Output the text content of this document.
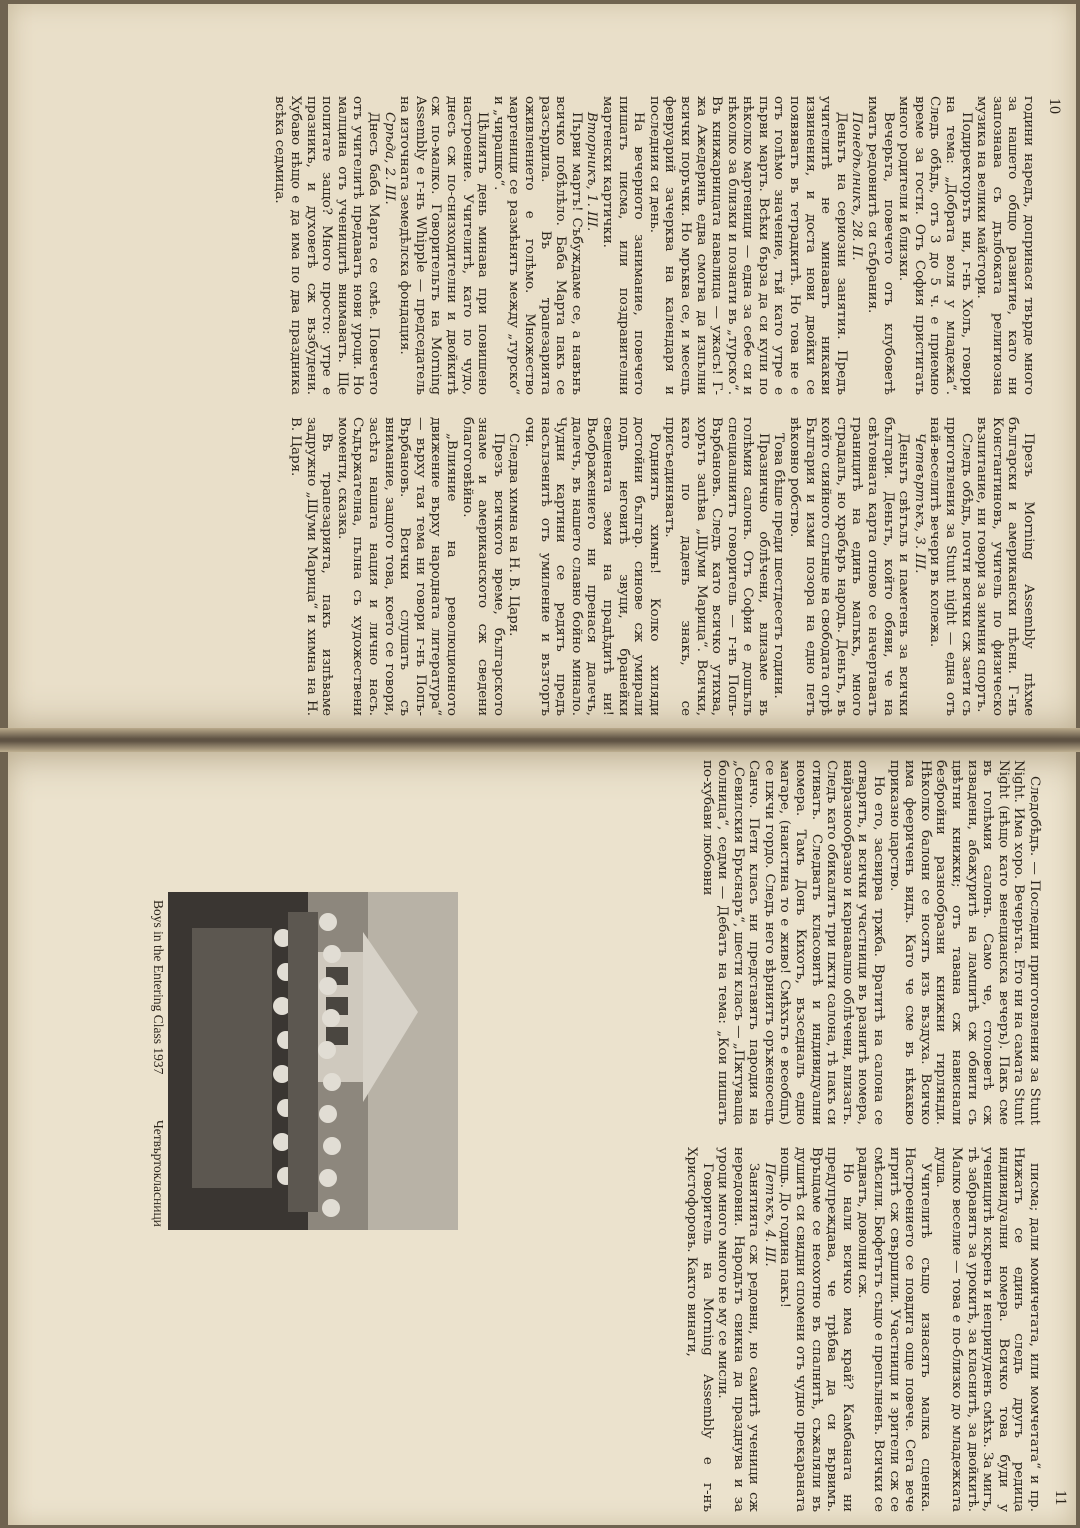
10

години наредъ, допринася твърде много за нашето общо развитие, като ни запознава съ дълбоката религиозна музика на велики майстори.

Подиректорътъ ни, г-нъ Холъ, говори на тема: „Добрата воля у младежа“. Следъ обѣдъ, отъ 3 до 5 ч. е приемно време за гости. Отъ София пристигать много родители и близки.

Вечерьта, повечето отъ клубоветѣ иматъ редовнитѣ си събрания.

Понедѣлникъ, 28. II.

Деньтъ на сериозни занятия. Предъ учителитѣ не минаватъ никакви извинения, и доста нови двойки се появяватъ въ тетрадкитѣ. Но това не е отъ голѣмо значение, тъй като утре е първи мартъ. Всѣки бърза да си купи по нѣколко мартеници — една за себе си и нѣколко за близки и познати въ „турско“. Въ книжарницата навалица — ужасъ! Г-жа Ажедерянъ едва смогва да изпълни всички поръчки. Но мръква се, и месецъ февруарий зачерква на календаря и последния си день.

На вечерното занимание, повечето пишатъ писма, или поздравителни мартенски картички.

Вторникъ, 1. III.

Първи мартъ! Събуждаме се, а навънъ всичко побѣлѣло. Баба Марта пакъ се разсърдила. Въ трапезарията оживлението е голѣмо. Множество мартеници се размѣнятъ между „турско“ и „чирашко“.

Цѣлиятъ день минава при повишено настроение. Учителитѣ, като по чудо, днесъ сж по-снизходителни и двойкитѣ сж по-малко. Говорительтъ на Morning Assembly е г-нъ Whipple — председатель на източната земедѣлска фондация.

Срѣда, 2. III.

Днесъ баба Марта се смѣе. Повечето отъ учителитѣ предаватъ нови уроци. Но малцина отъ ученицитѣ внимаватъ. Ще попитате защо? Много просто: утре е празникъ, и духоветѣ сж възбудени. Хубаво нѣщо е да има по два праздника всѣка седмица.

Презъ Morning Assembly пѣхме български и американски пѣсни. Г-нъ Константиновъ, учитель по физическо възпитание, ни говори за зимния спортъ.

Следъ обѣдъ, почти всички сж заети съ приготвления за Stunt night — една отъ най-веселитѣ вечери въ колежа.

Четвъртъкъ, 3. III.

Деньтъ свѣтълъ и паметенъ за всички българи. Деньтъ, който обяви, че на свѣтовната карта отново се начертаватъ границитѣ на единъ малъкъ, много страдалъ, но храбъръ народъ. Деньтъ, въ който сияйното слънце на свободата огрѣ България и изми позора на едно петъ вѣковно робство.

Това бѣше преди шестдесетъ години.

Празнично облѣчени, влизаме въ голѣмия салонъ. Отъ София е дошълъ специалниятъ говоритель — г-нъ Попъ-Върбановъ. Следъ като всичко утихва, хорътъ запѣва „Шуми Марица“. Всички, като по даденъ знакъ, се присъединяватъ.

Родниятъ химнъ! Колко хиляди достойни българ. синове сж умирали подъ неговитѣ звуци, бранейки свещената земя на прадѣдитѣ ни! Въображението ни пренася далечъ, далечъ, въ нашето славно бойно минало. Чудни картини се редятъ предъ насълзенитѣ отъ умиление и възторгъ очи.

Следва химна на Н. В. Царя.

Презъ всичкото време, българското знаме и американското сж сведени благоговѣйно.

„Влияние на революционното движение върху народната литература“ — върху тая тема ни говори г-нъ Попъ-Върбановъ. Всички слушатъ съ внимание, защото това, което се говори, засѣга нашата нация и лично насъ. Съдържателна, пълна съ художествени моменти, сказка.

Въ трапезарията, пакъ изпѣваме задружно „Шуми Марица“ и химна на Н. В. Царя.

11
Boys in the Entering Class 1937
Четвъртокласници

Следобѣдъ. — Последни приготовления за Stunt Night. Има хоро. Вечерьта. Ето ни на самата Stunt Night (нѣщо като венецианска вечеръ). Пакъ сме въ голѣмия салонъ. Само че, столоветѣ сж извадени, абажуритѣ на лампитѣ сж обвити съ цвѣтни книжки; отъ тавана сж нависнали безбройни разнообразни книжни гирлянди. Нѣколко балони се носятъ изъ въздуха. Всичко има феериченъ видъ. Като че сме въ нѣкакво приказно царство.

Но ето, засвирва тржба. Вратитѣ на салона се отварятъ, и всички участници въ разнитѣ номера, найразнообразно и карнавално облѣчени, влизатъ. Следъ като обикалятъ три пжти салона, тѣ пакъ си отиватъ. Следватъ класовитѣ и индивидуални номера. Тамъ Донъ Кихотъ, възседналъ едно магаре, (наистина то е живо! Смѣхътъ е всеобщъ) се пжчи гордо. Следъ него вѣрниятъ оръженосецъ Санчо. Пети класъ ни представятъ пародия на „Севилския Бръснаръ“, шести класъ — „Пжтуваща болница“, седми — Дебатъ на тема: „Кои пишатъ по-хубави любовни

писма; дали момичетата, или момчетата“ и пр. Нижатъ се единъ следъ другъ редица индивидуални номера. Всичко това буди у ученицитѣ искренъ и непринуденъ смѣхъ. За мигъ, тѣ забравятъ за урокитѣ, за класнитѣ, за двойкитѣ. Малко веселие — това е по-близко до младежката душа.

Учителитѣ също изнасятъ малка сценка. Настроението се повдига още повече. Сега вече игритѣ сж свършили. Участници и зрители сж се смѣсили. Бюфетътъ също е препълненъ. Всички се радватъ, доволни сж.

Но нали всичко има край? Камбаната ни предупреждава, че трѣбва да си вървимъ. Връщаме се неохотно въ спалнитѣ, съжаляли въ душитѣ си свидни спомени отъ чудно прекараната нощь. До година пакъ!

Петъкъ, 4. III.

Занятията сж редовни, но самитѣ ученици сж нередовни. Народътъ свикна да празднува и за уроци много много не му се мисли.

Говоритель на Morning Assembly е г-нъ Христофоровъ. Както винаги,
